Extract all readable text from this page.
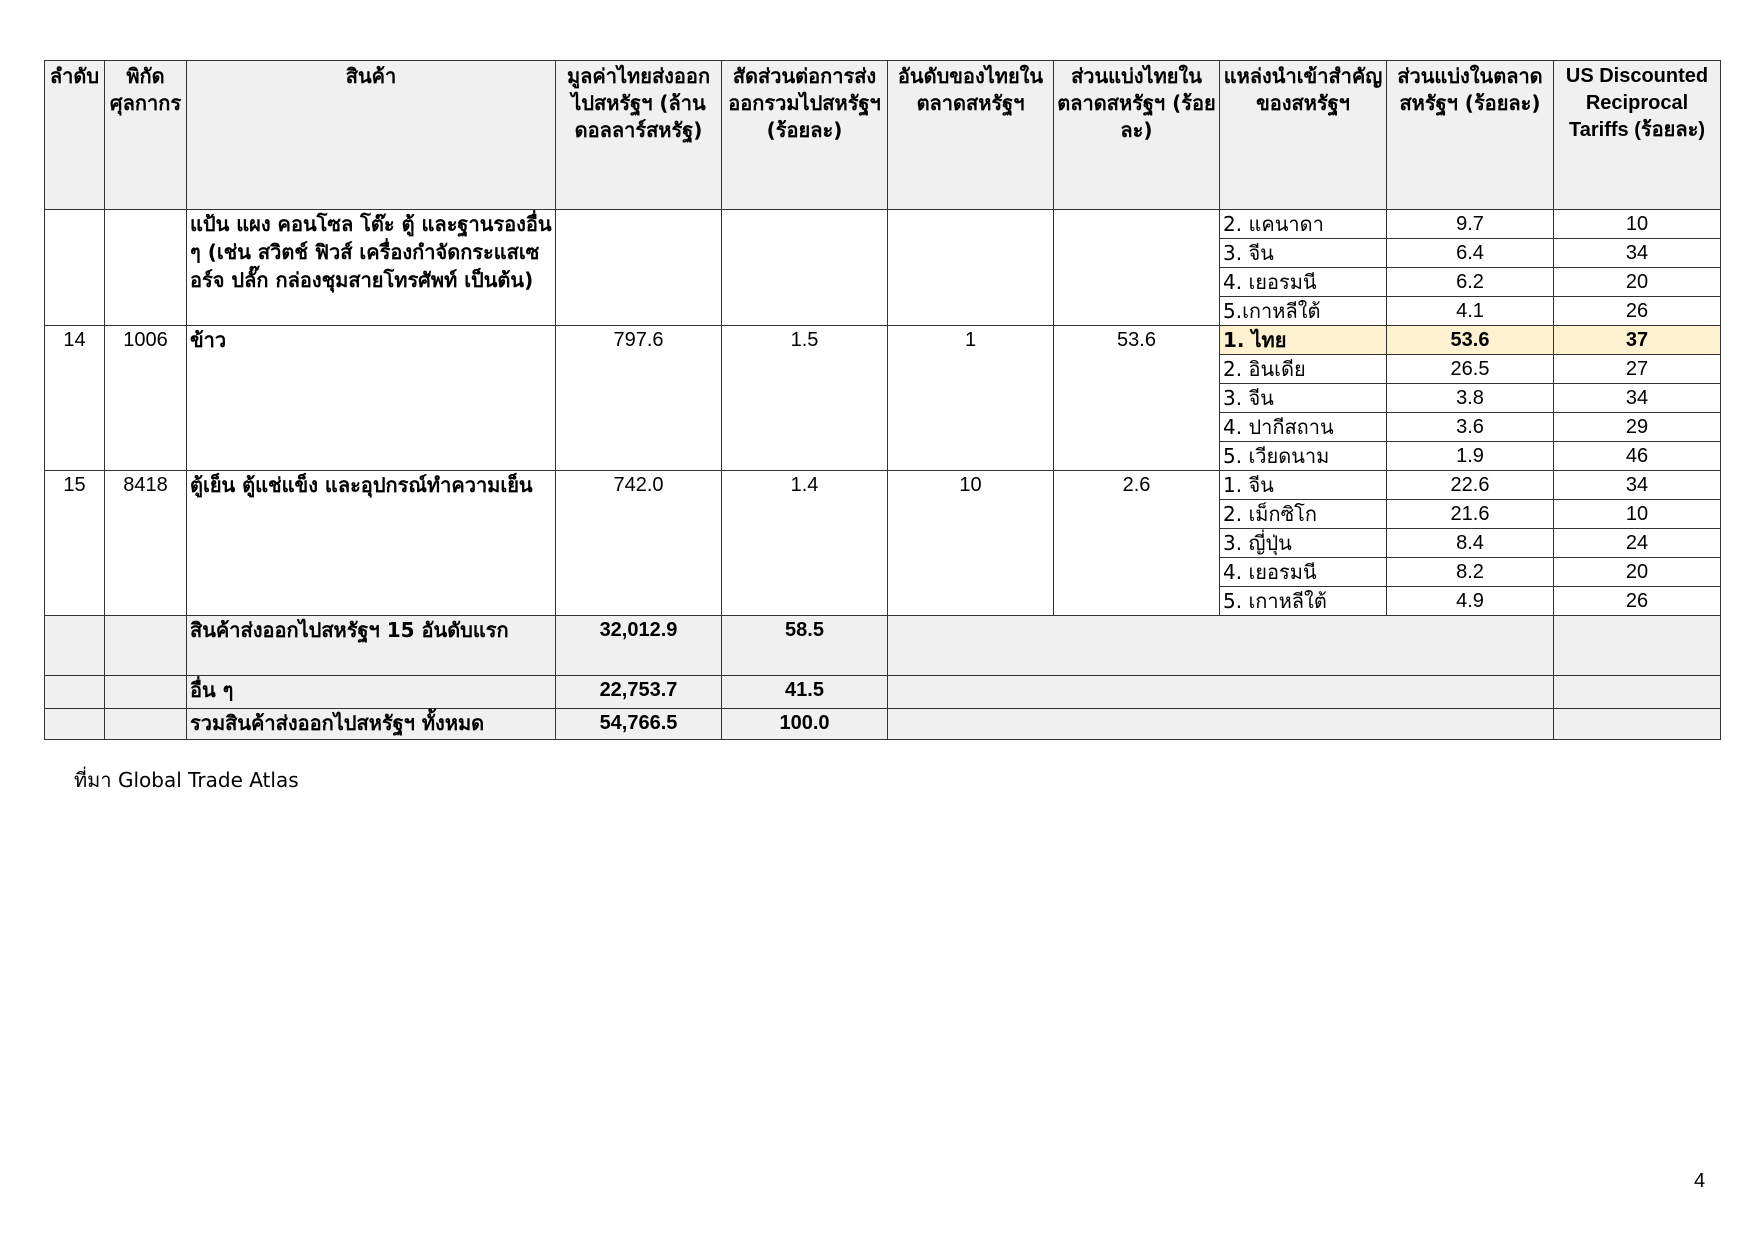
ลำดับ	พิกัดศุลกากร	สินค้า	มูลค่าไทยส่งออกไปสหรัฐฯ (ล้านดอลลาร์สหรัฐ)	สัดส่วนต่อการส่งออกรวมไปสหรัฐฯ (ร้อยละ)	อันดับของไทยในตลาดสหรัฐฯ	ส่วนแบ่งไทยในตลาดสหรัฐฯ (ร้อยละ)	แหล่งนำเข้าสำคัญของสหรัฐฯ	ส่วนแบ่งในตลาดสหรัฐฯ (ร้อยละ)	US Discounted Reciprocal Tariffs (ร้อยละ)
		แป้น แผง คอนโซล โต๊ะ ตู้ และฐานรองอื่น ๆ (เช่น สวิตช์ ฟิวส์ เครื่องกำจัดกระแสเซอร์จ ปลั๊ก กล่องชุมสายโทรศัพท์ เป็นต้น)					2. แคนาดา	9.7	10
							3. จีน	6.4	34
							4. เยอรมนี	6.2	20
							5.เกาหลีใต้	4.1	26
14	1006	ข้าว	797.6	1.5	1	53.6	1. ไทย	53.6	37
							2. อินเดีย	26.5	27
							3. จีน	3.8	34
							4. ปากีสถาน	3.6	29
							5. เวียดนาม	1.9	46
15	8418	ตู้เย็น ตู้แช่แข็ง และอุปกรณ์ทำความเย็น	742.0	1.4	10	2.6	1. จีน	22.6	34
							2. เม็กซิโก	21.6	10
							3. ญี่ปุ่น	8.4	24
							4. เยอรมนี	8.2	20
							5. เกาหลีใต้	4.9	26
		สินค้าส่งออกไปสหรัฐฯ 15 อันดับแรก	32,012.9	58.5					
		อื่น ๆ	22,753.7	41.5					
		รวมสินค้าส่งออกไปสหรัฐฯ ทั้งหมด	54,766.5	100.0					
ที่มา Global Trade Atlas
4
